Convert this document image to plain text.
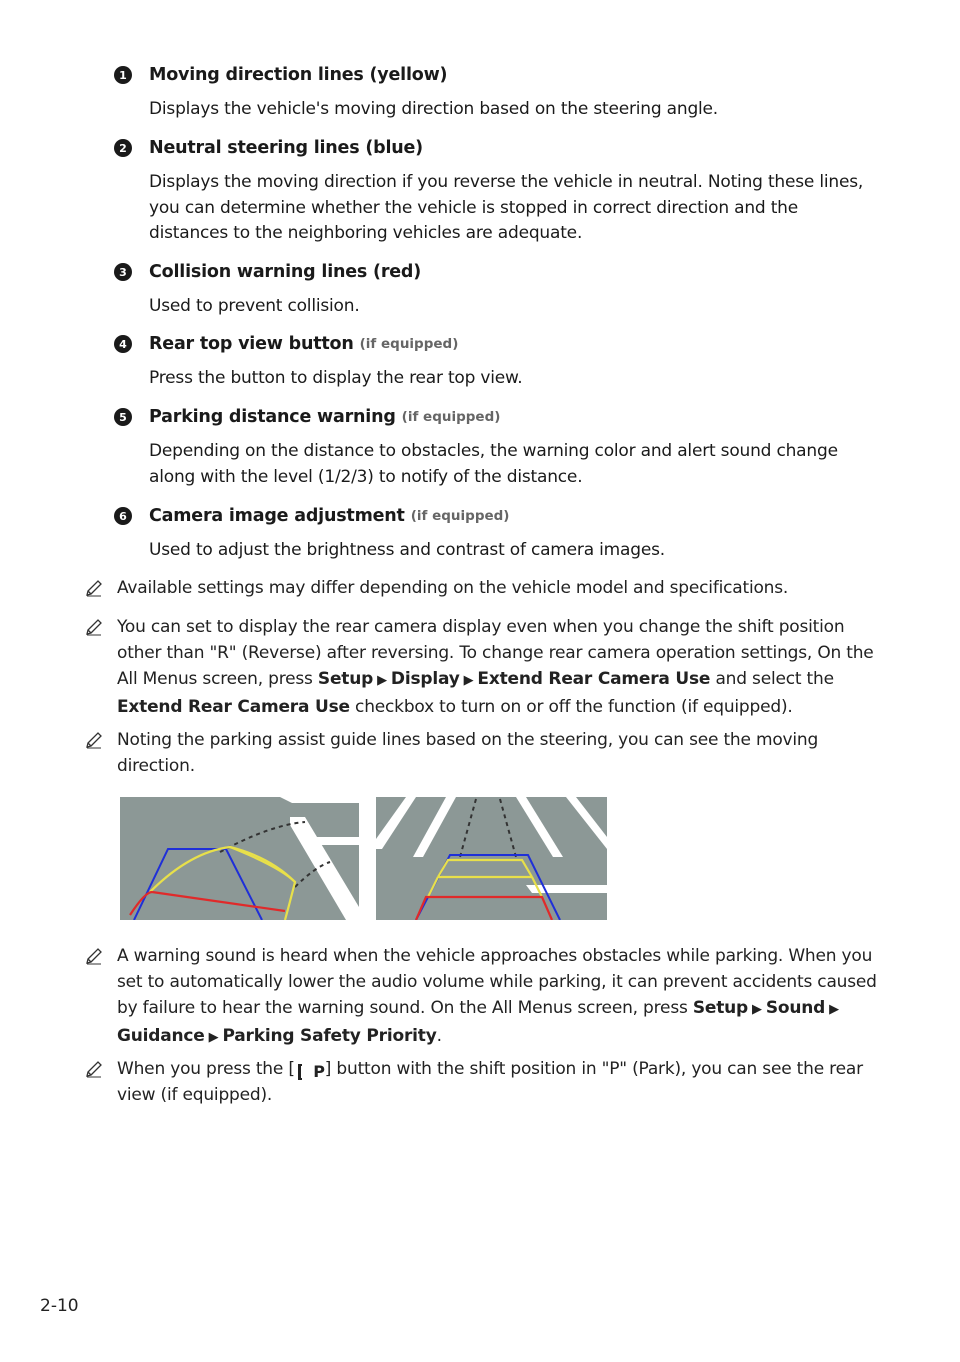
1 Moving direction lines (yellow)
Displays the vehicle's moving direction based on the steering angle.
2 Neutral steering lines (blue)
Displays the moving direction if you reverse the vehicle in neutral. Noting these lines, you can determine whether the vehicle is stopped in correct direction and the distances to the neighboring vehicles are adequate.
3 Collision warning lines (red)
Used to prevent collision.
4 Rear top view button (if equipped)
Press the button to display the rear top view.
5 Parking distance warning (if equipped)
Depending on the distance to obstacles, the warning color and alert sound change along with the level (1/2/3) to notify of the distance.
6 Camera image adjustment (if equipped)
Used to adjust the brightness and contrast of camera images.
Available settings may differ depending on the vehicle model and specifications.
You can set to display the rear camera display even when you change the shift position other than "R" (Reverse) after reversing. To change rear camera operation settings, On the All Menus screen, press Setup ▶ Display ▶ Extend Rear Camera Use and select the Extend Rear Camera Use checkbox to turn on or off the function (if equipped).
Noting the parking assist guide lines based on the steering, you can see the moving direction.
A warning sound is heard when the vehicle approaches obstacles while parking. When you set to automatically lower the audio volume while parking, it can prevent accidents caused by failure to hear the warning sound. On the All Menus screen, press Setup ▶ Sound ▶Guidance ▶ Parking Safety Priority.
When you press the [ P] button with the shift position in "P" (Park), you can see the rear view (if equipped).
2-10
